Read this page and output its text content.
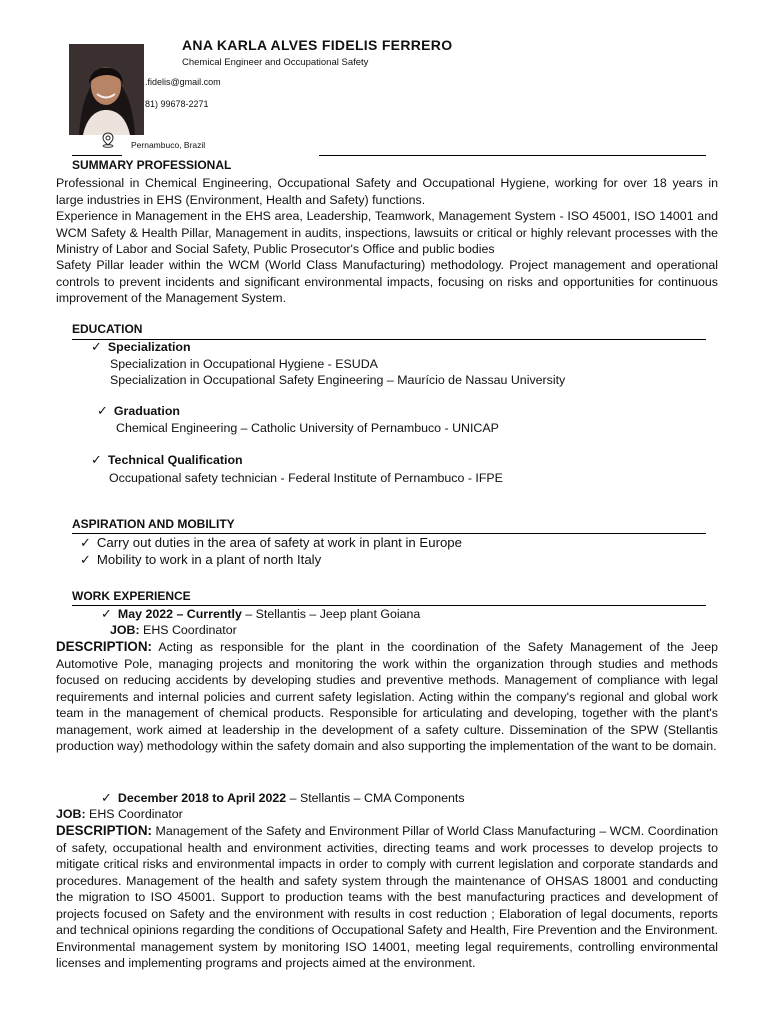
ANA KARLA ALVES FIDELIS FERRERO
Chemical Engineer and Occupational Safety
.fidelis@gmail.com
81) 99678-2271
Pernambuco, Brazil
SUMMARY PROFESSIONAL
Professional in Chemical Engineering, Occupational Safety and Occupational Hygiene, working for over 18 years in large industries in EHS (Environment, Health and Safety) functions.
Experience in Management in the EHS area, Leadership, Teamwork, Management System - ISO 45001, ISO 14001 and WCM Safety & Health Pillar, Management in audits, inspections, lawsuits or critical or highly relevant processes with the Ministry of Labor and Social Safety, Public Prosecutor's Office and public bodies
Safety Pillar leader within the WCM (World Class Manufacturing) methodology. Project management and operational controls to prevent incidents and significant environmental impacts, focusing on risks and opportunities for continuous improvement of the Management System.
EDUCATION
✓ Specialization
Specialization in Occupational Hygiene - ESUDA
Specialization in Occupational Safety Engineering – Maurício de Nassau University
✓ Graduation
Chemical Engineering – Catholic University of Pernambuco - UNICAP
✓ Technical Qualification
Occupational safety technician - Federal Institute of Pernambuco - IFPE
ASPIRATION AND MOBILITY
✓ Carry out duties in the area of safety at work in plant in Europe
✓ Mobility to work in a plant of north Italy
WORK EXPERIENCE
✓ May 2022 – Currently – Stellantis – Jeep plant Goiana
JOB: EHS Coordinator
DESCRIPTION: Acting as responsible for the plant in the coordination of the Safety Management of the Jeep Automotive Pole, managing projects and monitoring the work within the organization through studies and methods focused on reducing accidents by developing studies and preventive methods. Management of compliance with legal requirements and internal policies and current safety legislation. Acting within the company's regional and global work team in the management of chemical products. Responsible for articulating and developing, together with the plant's management, work aimed at leadership in the development of a safety culture. Dissemination of the SPW (Stellantis production way) methodology within the safety domain and also supporting the implementation of the want to be domain.
✓ December 2018 to April 2022 – Stellantis – CMA Components
JOB: EHS Coordinator
DESCRIPTION: Management of the Safety and Environment Pillar of World Class Manufacturing – WCM. Coordination of safety, occupational health and environment activities, directing teams and work processes to develop projects to mitigate critical risks and environmental impacts in order to comply with current legislation and corporate standards and procedures. Management of the health and safety system through the maintenance of OHSAS 18001 and conducting the migration to ISO 45001. Support to production teams with the best manufacturing practices and development of projects focused on Safety and the environment with results in cost reduction ; Elaboration of legal documents, reports and technical opinions regarding the conditions of Occupational Safety and Health, Fire Prevention and the Environment. Environmental management system by monitoring ISO 14001, meeting legal requirements, controlling environmental licenses and implementing programs and projects aimed at the environment.
